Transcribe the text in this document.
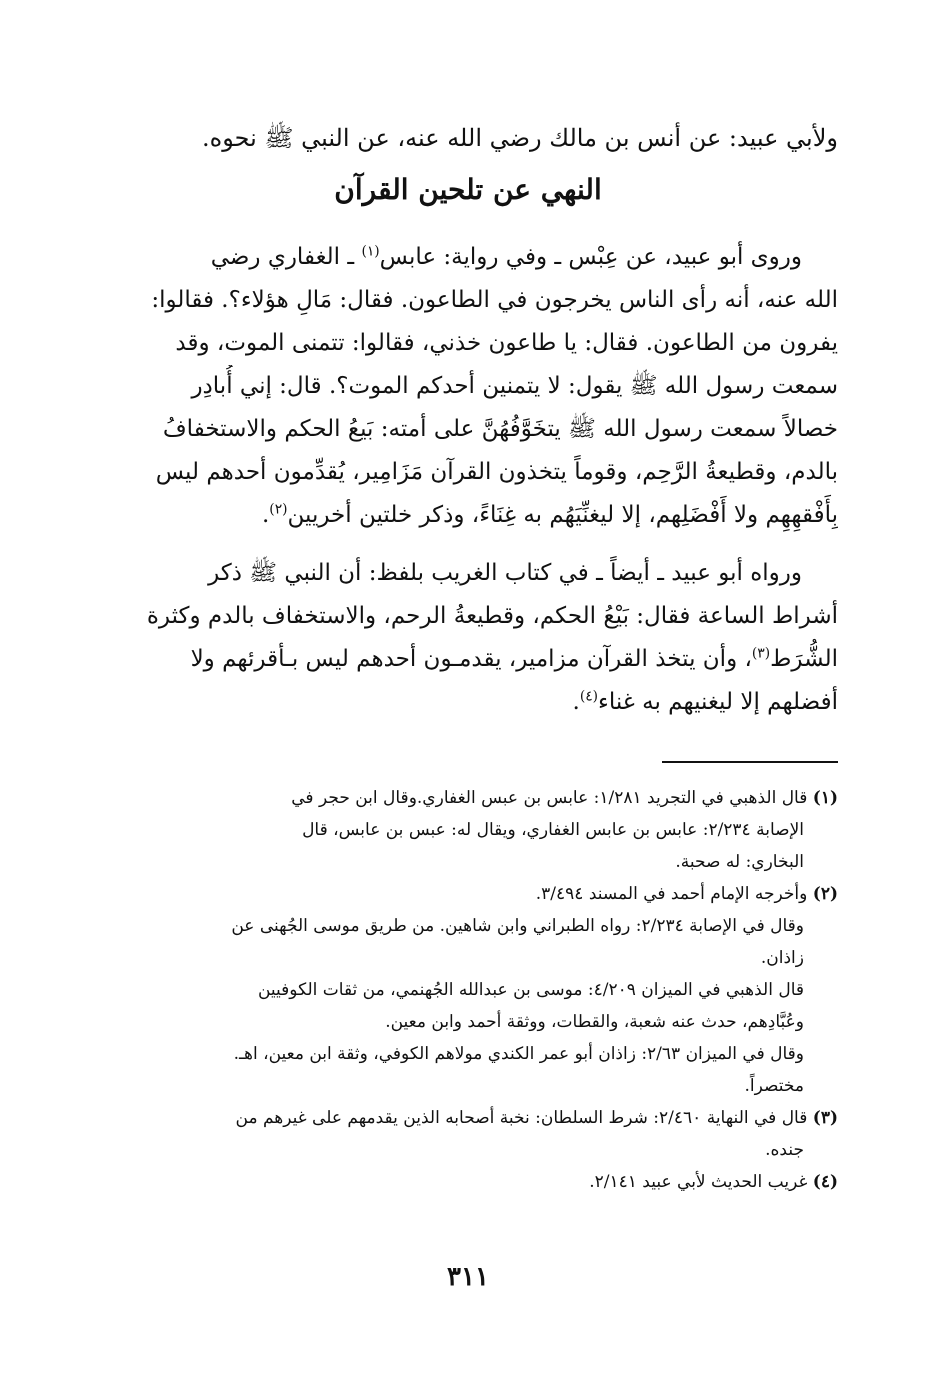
ولأبي عبيد: عن أنس بن مالك رضي الله عنه، عن النبي ﷺ نحوه.
النهي عن تلحين القرآن
وروى أبو عبيد، عن عِبْس ـ وفي رواية: عابس$^{(١)}$ ـ الغفاري رضي
الله عنه، أنه رأى الناس يخرجون في الطاعون. فقال: مَالِ هؤلاء؟. فقالوا:
يفرون من الطاعون. فقال: يا طاعون خذني، فقالوا: تتمنى الموت، وقد
سمعت رسول الله ﷺ يقول: لا يتمنين أحدكم الموت؟. قال: إني أُبادِر
خصالاً سمعت رسول الله ﷺ يتخَوَّفُهُنَّ على أمته: بَيعُ الحكم والاستخفافُ
بالدم، وقطيعةُ الرَّحِم، وقوماً يتخذون القرآن مَزَامِير، يُقدِّمون أحدهم ليس
بِأَفْقهِهِم ولا أَفْضَلِهم، إلا ليغنِّيَهُم به غِنَاءً، وذكر خلتين أخريين$^{(٢)}$.
ورواه أبو عبيد ـ أيضاً ـ في كتاب الغريب بلفظ: أن النبي ﷺ ذكر
أشراط الساعة فقال: بَيْعُ الحكم، وقطيعةُ الرحم، والاستخفاف بالدم وكثرة
الشُّرَط$^{(٣)}$، وأن يتخذ القرآن مزامير، يقدمـون أحدهم ليس بـأقرئهم ولا
أفضلهم إلا ليغنيهم به غناء$^{(٤)}$.
(١) قال الذهبي في التجريد ١/٢٨١: عابس بن عبس الغفاري.وقال ابن حجر في
الإصابة ٢/٢٣٤: عابس بن عابس الغفاري، ويقال له: عبس بن عابس، قال
البخاري: له صحبة.
(٢) وأخرجه الإمام أحمد في المسند ٣/٤٩٤.
وقال في الإصابة ٢/٢٣٤: رواه الطبراني وابن شاهين. من طريق موسى الجُهنى عن
زاذان.
قال الذهبي في الميزان ٤/٢٠٩: موسى بن عبدالله الجُهنمي، من ثقات الكوفيين
وعُبَّادِهم، حدث عنه شعبة، والقطات، ووثقة أحمد وابن معين.
وقال في الميزان ٢/٦٣: زاذان أبو عمر الكندي مولاهم الكوفي، وثقة ابن معين، اهـ.
مختصراً.
(٣) قال في النهاية ٢/٤٦٠: شرط السلطان: نخبة أصحابه الذين يقدمهم على غيرهم من
جنده.
(٤) غريب الحديث لأبي عبيد ٢/١٤١.
٣١١
